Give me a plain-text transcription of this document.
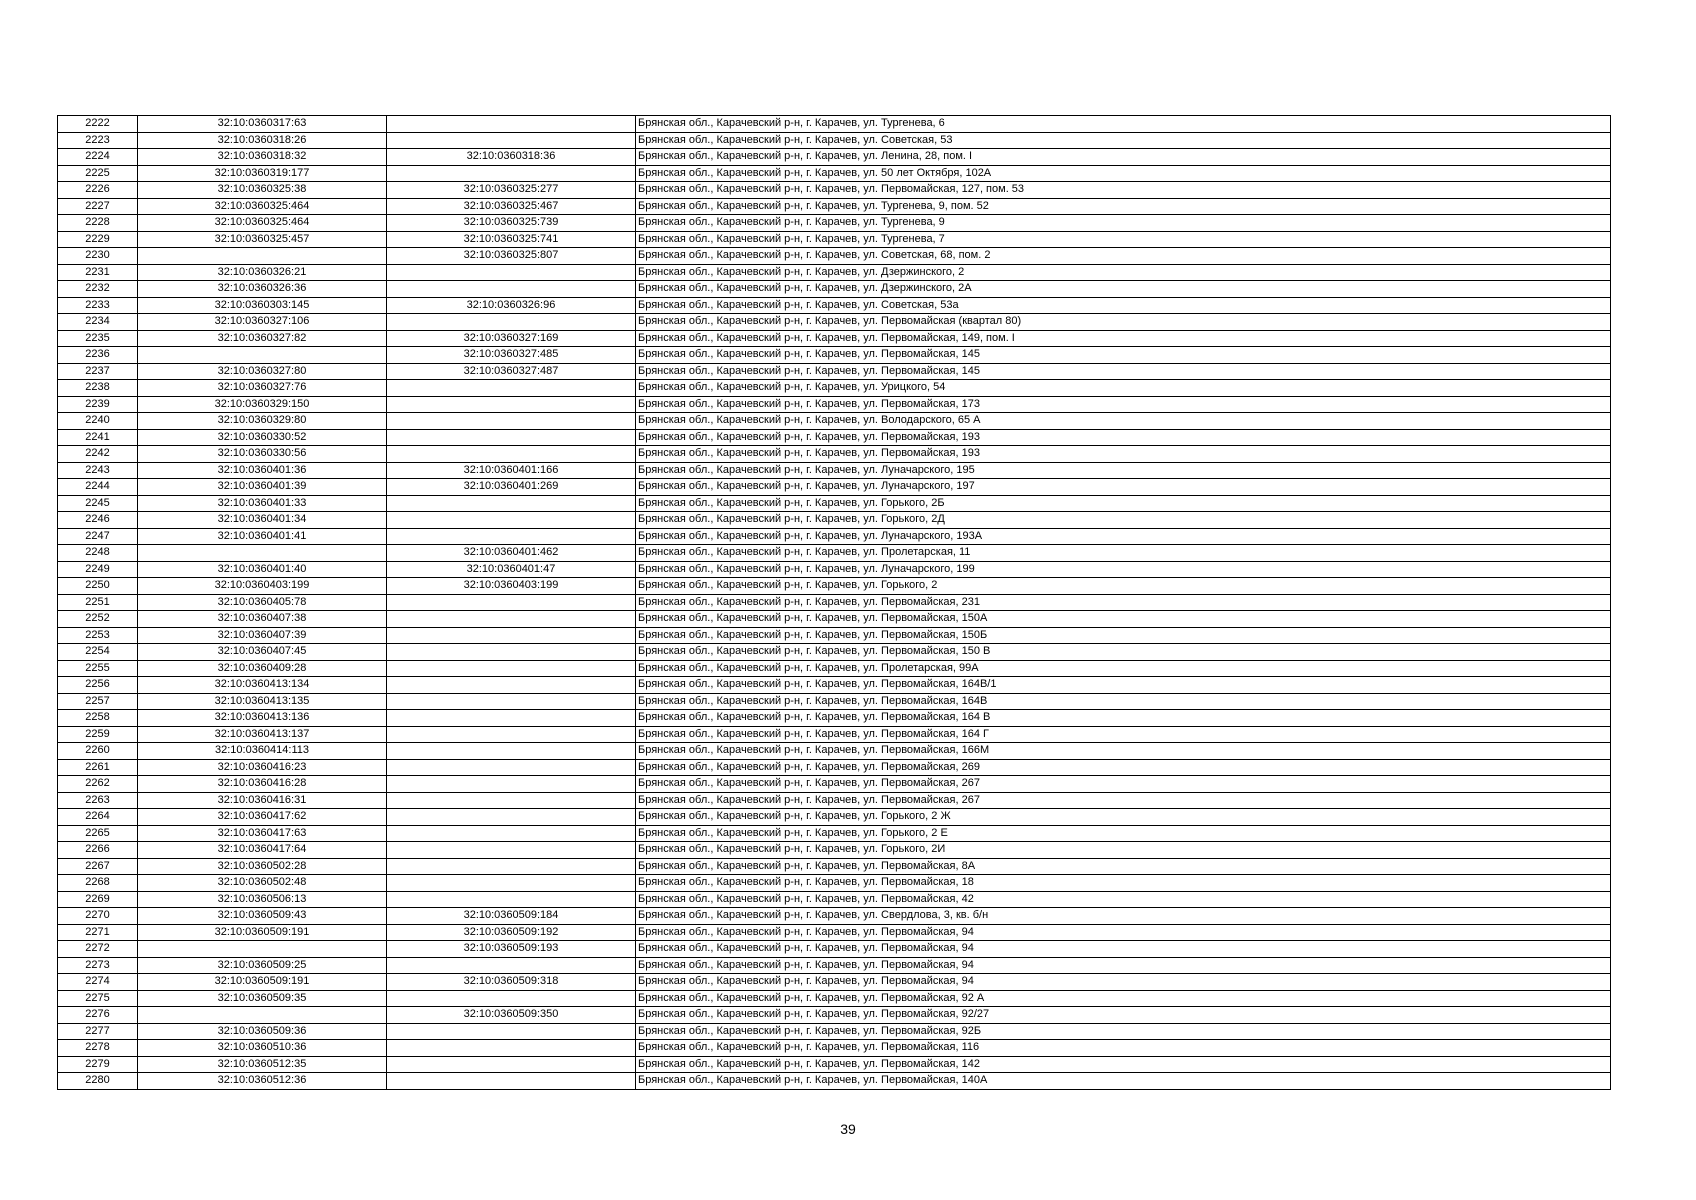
2222	32:10:0360317:63		Брянская обл., Карачевский р-н, г. Карачев, ул. Тургенева, 6
2223	32:10:0360318:26		Брянская обл., Карачевский р-н, г. Карачев, ул. Советская, 53
2224	32:10:0360318:32	32:10:0360318:36	Брянская обл., Карачевский р-н, г. Карачев, ул. Ленина, 28, пом. I
2225	32:10:0360319:177		Брянская обл., Карачевский р-н, г. Карачев, ул. 50 лет Октября, 102А
2226	32:10:0360325:38	32:10:0360325:277	Брянская обл., Карачевский р-н, г. Карачев, ул. Первомайская, 127, пом. 53
2227	32:10:0360325:464	32:10:0360325:467	Брянская обл., Карачевский р-н, г. Карачев, ул. Тургенева, 9, пом. 52
2228	32:10:0360325:464	32:10:0360325:739	Брянская обл., Карачевский р-н, г. Карачев, ул. Тургенева, 9
2229	32:10:0360325:457	32:10:0360325:741	Брянская обл., Карачевский р-н, г. Карачев, ул. Тургенева, 7
2230		32:10:0360325:807	Брянская обл., Карачевский р-н, г. Карачев, ул. Советская, 68, пом. 2
2231	32:10:0360326:21		Брянская обл., Карачевский р-н, г. Карачев, ул. Дзержинского, 2
2232	32:10:0360326:36		Брянская обл., Карачевский р-н, г. Карачев, ул. Дзержинского, 2А
2233	32:10:0360303:145	32:10:0360326:96	Брянская обл., Карачевский р-н, г. Карачев, ул. Советская, 53а
2234	32:10:0360327:106		Брянская обл., Карачевский р-н, г. Карачев, ул. Первомайская (квартал 80)
2235	32:10:0360327:82	32:10:0360327:169	Брянская обл., Карачевский р-н, г. Карачев, ул. Первомайская, 149, пом. I
2236		32:10:0360327:485	Брянская обл., Карачевский р-н, г. Карачев, ул. Первомайская, 145
2237	32:10:0360327:80	32:10:0360327:487	Брянская обл., Карачевский р-н, г. Карачев, ул. Первомайская, 145
2238	32:10:0360327:76		Брянская обл., Карачевский р-н, г. Карачев, ул. Урицкого, 54
2239	32:10:0360329:150		Брянская обл., Карачевский р-н, г. Карачев, ул. Первомайская, 173
2240	32:10:0360329:80		Брянская обл., Карачевский р-н, г. Карачев, ул. Володарского, 65 А
2241	32:10:0360330:52		Брянская обл., Карачевский р-н, г. Карачев, ул. Первомайская, 193
2242	32:10:0360330:56		Брянская обл., Карачевский р-н, г. Карачев, ул. Первомайская, 193
2243	32:10:0360401:36	32:10:0360401:166	Брянская обл., Карачевский р-н, г. Карачев, ул. Луначарского, 195
2244	32:10:0360401:39	32:10:0360401:269	Брянская обл., Карачевский р-н, г. Карачев, ул. Луначарского, 197
2245	32:10:0360401:33		Брянская обл., Карачевский р-н, г. Карачев, ул. Горького, 2Б
2246	32:10:0360401:34		Брянская обл., Карачевский р-н, г. Карачев, ул. Горького, 2Д
2247	32:10:0360401:41		Брянская обл., Карачевский р-н, г. Карачев, ул. Луначарского, 193А
2248		32:10:0360401:462	Брянская обл., Карачевский р-н, г. Карачев, ул. Пролетарская, 11
2249	32:10:0360401:40	32:10:0360401:47	Брянская обл., Карачевский р-н, г. Карачев, ул. Луначарского, 199
2250	32:10:0360403:199	32:10:0360403:199	Брянская обл., Карачевский р-н, г. Карачев, ул. Горького, 2
2251	32:10:0360405:78		Брянская обл., Карачевский р-н, г. Карачев, ул. Первомайская, 231
2252	32:10:0360407:38		Брянская обл., Карачевский р-н, г. Карачев, ул. Первомайская, 150А
2253	32:10:0360407:39		Брянская обл., Карачевский р-н, г. Карачев, ул. Первомайская, 150Б
2254	32:10:0360407:45		Брянская обл., Карачевский р-н, г. Карачев, ул. Первомайская, 150 В
2255	32:10:0360409:28		Брянская обл., Карачевский р-н, г. Карачев, ул. Пролетарская, 99А
2256	32:10:0360413:134		Брянская обл., Карачевский р-н, г. Карачев, ул. Первомайская, 164В/1
2257	32:10:0360413:135		Брянская обл., Карачевский р-н, г. Карачев, ул. Первомайская, 164В
2258	32:10:0360413:136		Брянская обл., Карачевский р-н, г. Карачев, ул. Первомайская, 164 В
2259	32:10:0360413:137		Брянская обл., Карачевский р-н, г. Карачев, ул. Первомайская, 164 Г
2260	32:10:0360414:113		Брянская обл., Карачевский р-н, г. Карачев, ул. Первомайская, 166М
2261	32:10:0360416:23		Брянская обл., Карачевский р-н, г. Карачев, ул. Первомайская, 269
2262	32:10:0360416:28		Брянская обл., Карачевский р-н, г. Карачев, ул. Первомайская, 267
2263	32:10:0360416:31		Брянская обл., Карачевский р-н, г. Карачев, ул. Первомайская, 267
2264	32:10:0360417:62		Брянская обл., Карачевский р-н, г. Карачев, ул. Горького, 2 Ж
2265	32:10:0360417:63		Брянская обл., Карачевский р-н, г. Карачев, ул. Горького, 2 Е
2266	32:10:0360417:64		Брянская обл., Карачевский р-н, г. Карачев, ул. Горького, 2И
2267	32:10:0360502:28		Брянская обл., Карачевский р-н, г. Карачев, ул. Первомайская, 8А
2268	32:10:0360502:48		Брянская обл., Карачевский р-н, г. Карачев, ул. Первомайская, 18
2269	32:10:0360506:13		Брянская обл., Карачевский р-н, г. Карачев, ул. Первомайская, 42
2270	32:10:0360509:43	32:10:0360509:184	Брянская обл., Карачевский р-н, г. Карачев, ул. Свердлова, 3, кв. б/н
2271	32:10:0360509:191	32:10:0360509:192	Брянская обл., Карачевский р-н, г. Карачев, ул. Первомайская, 94
2272		32:10:0360509:193	Брянская обл., Карачевский р-н, г. Карачев, ул. Первомайская, 94
2273	32:10:0360509:25		Брянская обл., Карачевский р-н, г. Карачев, ул. Первомайская, 94
2274	32:10:0360509:191	32:10:0360509:318	Брянская обл., Карачевский р-н, г. Карачев, ул. Первомайская, 94
2275	32:10:0360509:35		Брянская обл., Карачевский р-н, г. Карачев, ул. Первомайская, 92 А
2276		32:10:0360509:350	Брянская обл., Карачевский р-н, г. Карачев, ул. Первомайская, 92/27
2277	32:10:0360509:36		Брянская обл., Карачевский р-н, г. Карачев, ул. Первомайская, 92Б
2278	32:10:0360510:36		Брянская обл., Карачевский р-н, г. Карачев, ул. Первомайская, 116
2279	32:10:0360512:35		Брянская обл., Карачевский р-н, г. Карачев, ул. Первомайская, 142
2280	32:10:0360512:36		Брянская обл., Карачевский р-н, г. Карачев, ул. Первомайская, 140А
39
